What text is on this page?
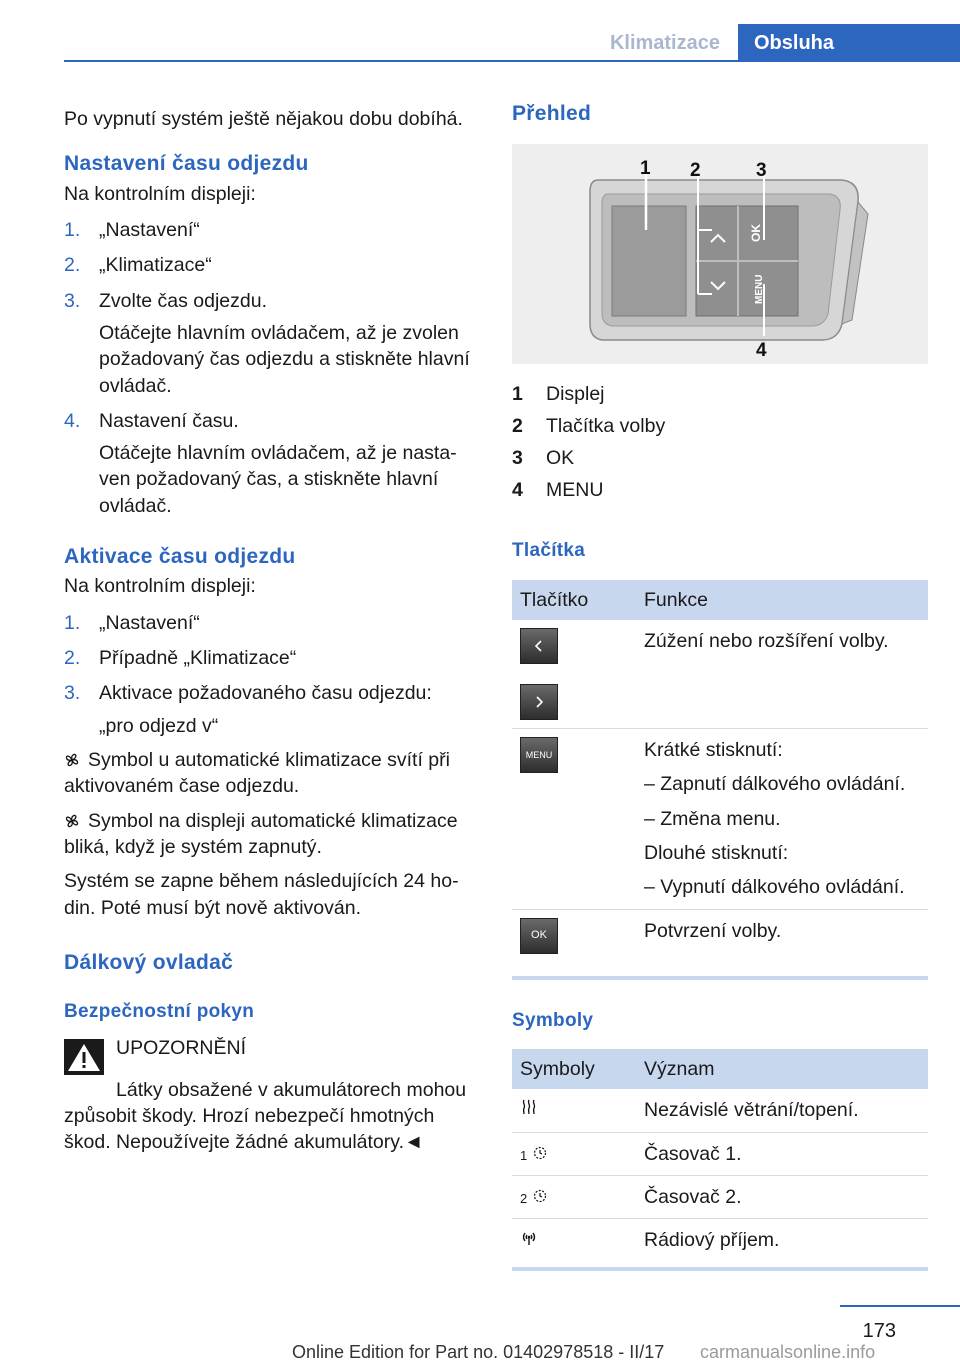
Klimatizace	Obsluha

Po vypnutí systém ještě nějakou dobu dobíhá.

Nastavení času odjezdu

Na kontrolním displeji:

1. „Nastavení“
2. „Klimatizace“
3. Zvolte čas odjezdu.

Otáčejte hlavním ovládačem, až je zvolen požadovaný čas odjezdu a stiskněte hlavní ovládač.

4. Nastavení času.

Otáčejte hlavním ovládačem, až je nasta-ven požadovaný čas, a stiskněte hlavní ovládač.

Aktivace času odjezdu

Na kontrolním displeji:

1. „Nastavení“
2. Případně „Klimatizace“
3. Aktivace požadovaného času odjezdu:

„pro odjezd v“

Symbol u automatické klimatizace svítí při aktivovaném čase odjezdu.

Symbol na displeji automatické klimatizace bliká, když je systém zapnutý.

Systém se zapne během následujících 24 ho-din. Poté musí být nově aktivován.

Dálkový ovladač
Bezpečnostní pokyn

UPOZORNĚNÍ

Látky obsažené v akumulátorech mohou způsobit škody. Hrozí nebezpečí hmotných škod. Nepoužívejte žádné akumulátory.◄

Přehled
OK
MENU
1 2	3
4
1	Displej
2	Tlačítka volby
3	OK
4	MENU
Tlačítka
Tlačítko	Funkce

	Zúžení nebo rozšíření volby.

MENU	Krátké stisknutí:

– Zapnutí dálkového ovládání.

– Změna menu.

Dlouhé stisknutí:

– Vypnutí dálkového ovládání.

OK	Potvrzení volby.
Symboly
Symboly	Význam
	Nezávislé větrání/topení.
1	Časovač 1.
2	Časovač 2.
	Rádiový příjem.
173
Online Edition for Part no. 01402978518 - II/17 carmanualsonline.info
